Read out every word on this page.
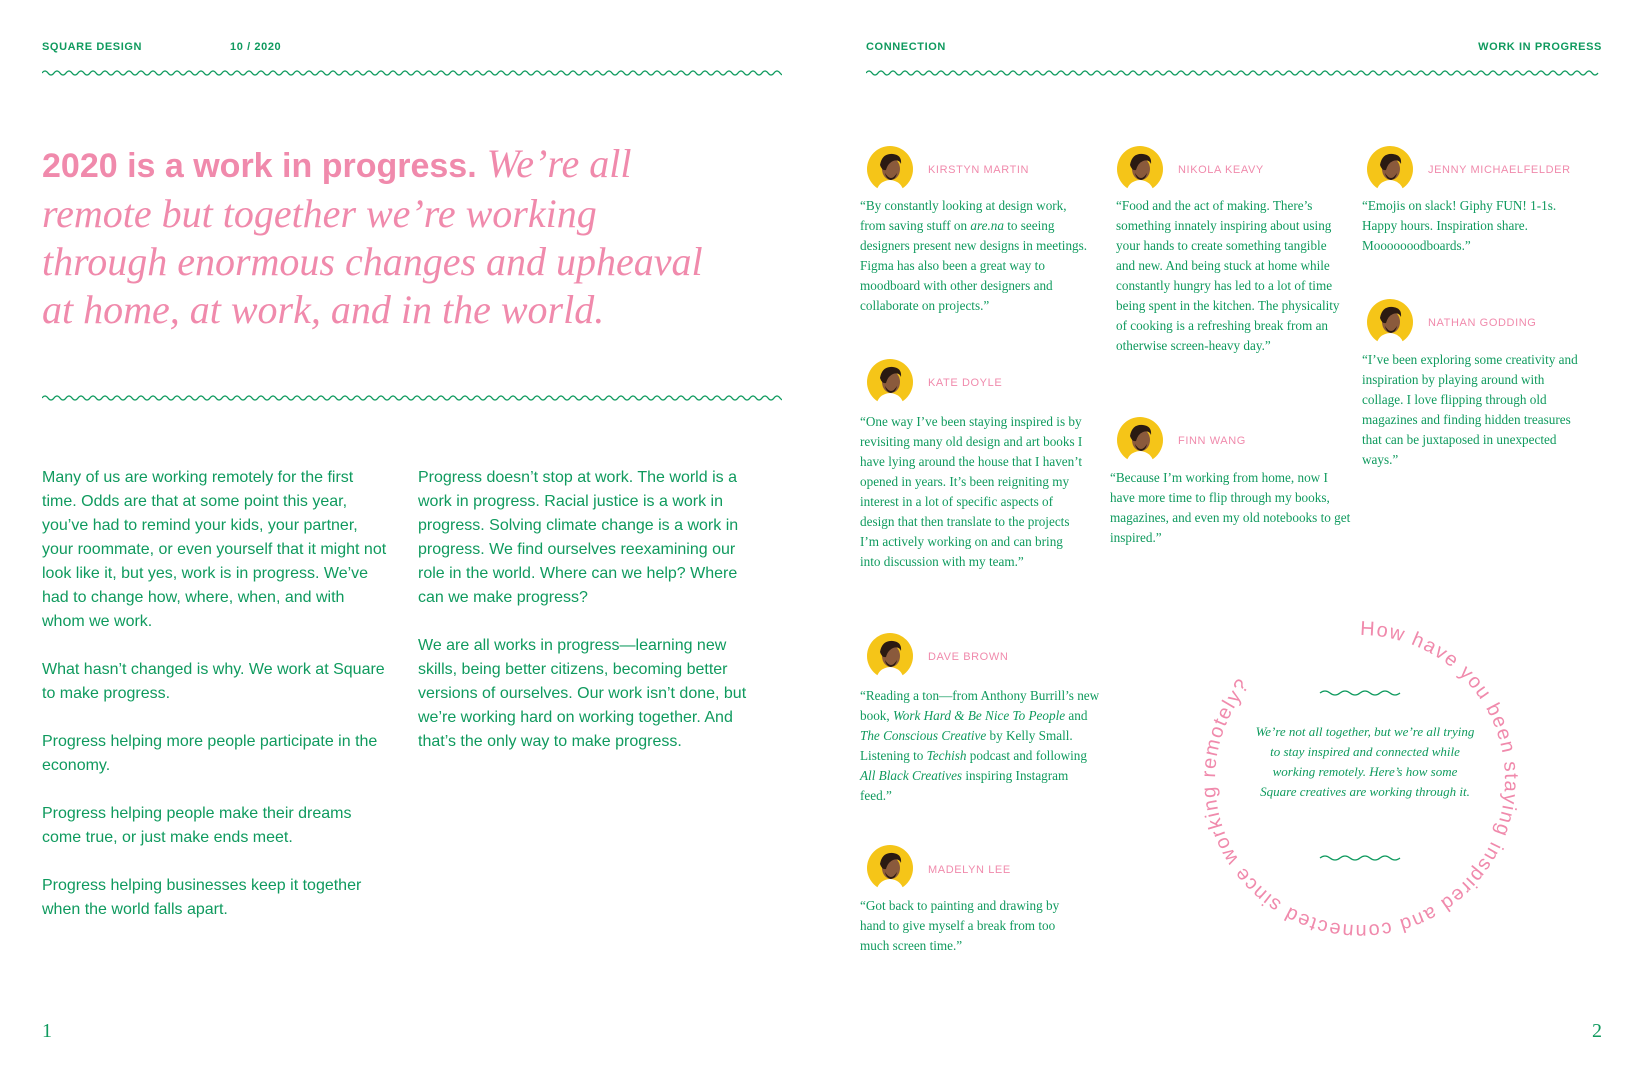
SQUARE DESIGN	10 / 2020
2020 is a work in progress. We’re all remote but together we’re working through enormous changes and upheaval at home, at work, and in the world.

Many of us are working remotely for the first time. Odds are that at some point this year, you’ve had to remind your kids, your partner, your roommate, or even yourself that it might not look like it, but yes, work is in progress. We’ve had to change how, where, when, and with whom we work.

What hasn’t changed is why. We work at Square to make progress.

Progress helping more people participate in the economy.

Progress helping people make their dreams come true, or just make ends meet.

Progress helping businesses keep it together when the world falls apart.

Progress doesn’t stop at work. The world is a work in progress. Racial justice is a work in progress. Solving climate change is a work in progress. We find ourselves reexamining our role in the world. Where can we help? Where can we make progress?

We are all works in progress—learning new skills, being better citizens, becoming better versions of ourselves. Our work isn’t done, but we’re working hard on working together. And that’s the only way to make progress.

1
CONNECTION	WORK IN PROGRESS
KIRSTYN MARTIN
“By constantly looking at design work, from saving stuff on are.na to seeing designers present new designs in meetings. Figma has also been a great way to moodboard with other designers and collaborate on projects.”
NIKOLA KEAVY
“Food and the act of making. There’s something innately inspiring about using your hands to create something tangible and new. And being stuck at home while constantly hungry has led to a lot of time being spent in the kitchen. The physicality of cooking is a refreshing break from an otherwise screen-heavy day.”
JENNY MICHAELFELDER
“Emojis on slack! Giphy FUN! 1-1s. Happy hours. Inspiration share. Mooooooodboards.”
NATHAN GODDING
“I’ve been exploring some creativity and inspiration by playing around with collage. I love flipping through old magazines and finding hidden treasures that can be juxtaposed in unexpected ways.”
KATE DOYLE
“One way I’ve been staying inspired is by revisiting many old design and art books I have lying around the house that I haven’t opened in years. It’s been reigniting my interest in a lot of specific aspects of design that then translate to the projects I’m actively working on and can bring into discussion with my team.”
FINN WANG
“Because I’m working from home, now I have more time to flip through my books, magazines, and even my old notebooks to get inspired.”
DAVE BROWN
“Reading a ton—from Anthony Burrill’s new book, Work Hard & Be Nice To People and The Conscious Creative by Kelly Small. Listening to Techish podcast and following All Black Creatives inspiring Instagram feed.”
MADELYN LEE
“Got back to painting and drawing by hand to give myself a break from too much screen time.”
How have you been staying inspired and connected since working remotely?
We’re not all together, but we’re all trying to stay inspired and connected while working remotely. Here’s how some Square creatives are working through it.
2
